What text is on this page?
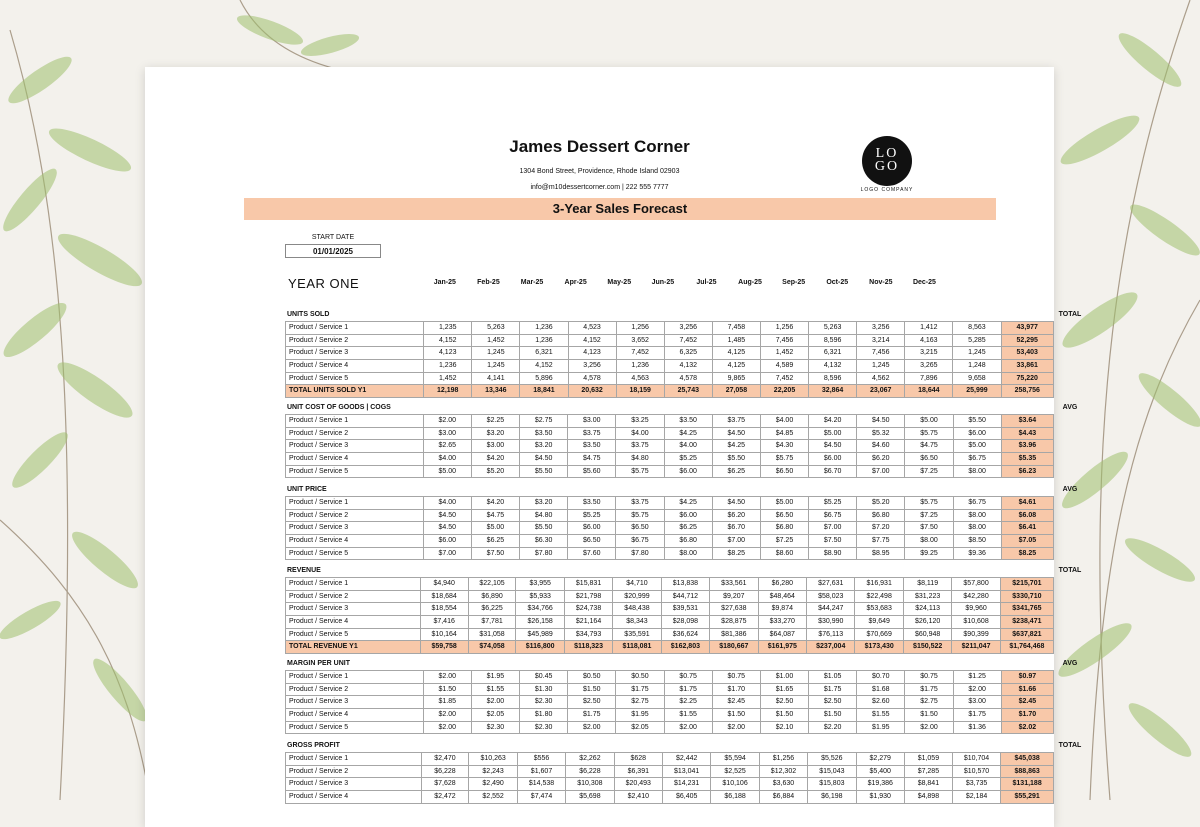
James Dessert Corner
1304 Bond Street, Providence, Rhode Island 02903
info@m10dessertcorner.com | 222 555 7777
LO
GO
LOGO COMPANY
3-Year Sales Forecast
START DATE
01/01/2025
YEAR ONE	Jan-25	Feb-25	Mar-25	Apr-25	May-25	Jun-25	Jul-25	Aug-25	Sep-25	Oct-25	Nov-25	Dec-25
UNITS SOLD	TOTAL
Product / Service 1	1,235	5,263	1,236	4,523	1,256	3,256	7,458	1,256	5,263	3,256	1,412	8,563	43,977
Product / Service 2	4,152	1,452	1,236	4,152	3,652	7,452	1,485	7,456	8,596	3,214	4,163	5,285	52,295
Product / Service 3	4,123	1,245	6,321	4,123	7,452	6,325	4,125	1,452	6,321	7,456	3,215	1,245	53,403
Product / Service 4	1,236	1,245	4,152	3,256	1,236	4,132	4,125	4,589	4,132	1,245	3,265	1,248	33,861
Product / Service 5	1,452	4,141	5,896	4,578	4,563	4,578	9,865	7,452	8,596	4,562	7,896	9,658	75,220
TOTAL UNITS SOLD Y1	12,198	13,346	18,841	20,632	18,159	25,743	27,058	22,205	32,864	23,067	18,644	25,999	258,756
UNIT COST OF GOODS | COGS	AVG
Product / Service 1	$2.00	$2.25	$2.75	$3.00	$3.25	$3.50	$3.75	$4.00	$4.20	$4.50	$5.00	$5.50	$3.64
Product / Service 2	$3.00	$3.20	$3.50	$3.75	$4.00	$4.25	$4.50	$4.85	$5.00	$5.32	$5.75	$6.00	$4.43
Product / Service 3	$2.65	$3.00	$3.20	$3.50	$3.75	$4.00	$4.25	$4.30	$4.50	$4.60	$4.75	$5.00	$3.96
Product / Service 4	$4.00	$4.20	$4.50	$4.75	$4.80	$5.25	$5.50	$5.75	$6.00	$6.20	$6.50	$6.75	$5.35
Product / Service 5	$5.00	$5.20	$5.50	$5.60	$5.75	$6.00	$6.25	$6.50	$6.70	$7.00	$7.25	$8.00	$6.23
UNIT PRICE	AVG
Product / Service 1	$4.00	$4.20	$3.20	$3.50	$3.75	$4.25	$4.50	$5.00	$5.25	$5.20	$5.75	$6.75	$4.61
Product / Service 2	$4.50	$4.75	$4.80	$5.25	$5.75	$6.00	$6.20	$6.50	$6.75	$6.80	$7.25	$8.00	$6.08
Product / Service 3	$4.50	$5.00	$5.50	$6.00	$6.50	$6.25	$6.70	$6.80	$7.00	$7.20	$7.50	$8.00	$6.41
Product / Service 4	$6.00	$6.25	$6.30	$6.50	$6.75	$6.80	$7.00	$7.25	$7.50	$7.75	$8.00	$8.50	$7.05
Product / Service 5	$7.00	$7.50	$7.80	$7.60	$7.80	$8.00	$8.25	$8.60	$8.90	$8.95	$9.25	$9.36	$8.25
REVENUE	TOTAL
Product / Service 1	$4,940	$22,105	$3,955	$15,831	$4,710	$13,838	$33,561	$6,280	$27,631	$16,931	$8,119	$57,800	$215,701
Product / Service 2	$18,684	$6,890	$5,933	$21,798	$20,999	$44,712	$9,207	$48,464	$58,023	$22,498	$31,223	$42,280	$330,710
Product / Service 3	$18,554	$6,225	$34,766	$24,738	$48,438	$39,531	$27,638	$9,874	$44,247	$53,683	$24,113	$9,960	$341,765
Product / Service 4	$7,416	$7,781	$26,158	$21,164	$8,343	$28,098	$28,875	$33,270	$30,990	$9,649	$26,120	$10,608	$238,471
Product / Service 5	$10,164	$31,058	$45,989	$34,793	$35,591	$36,624	$81,386	$64,087	$76,113	$70,669	$60,948	$90,399	$637,821
TOTAL REVENUE Y1	$59,758	$74,058	$116,800	$118,323	$118,081	$162,803	$180,667	$161,975	$237,004	$173,430	$150,522	$211,047	$1,764,468
MARGIN PER UNIT	AVG
Product / Service 1	$2.00	$1.95	$0.45	$0.50	$0.50	$0.75	$0.75	$1.00	$1.05	$0.70	$0.75	$1.25	$0.97
Product / Service 2	$1.50	$1.55	$1.30	$1.50	$1.75	$1.75	$1.70	$1.65	$1.75	$1.68	$1.75	$2.00	$1.66
Product / Service 3	$1.85	$2.00	$2.30	$2.50	$2.75	$2.25	$2.45	$2.50	$2.50	$2.60	$2.75	$3.00	$2.45
Product / Service 4	$2.00	$2.05	$1.80	$1.75	$1.95	$1.55	$1.50	$1.50	$1.50	$1.55	$1.50	$1.75	$1.70
Product / Service 5	$2.00	$2.30	$2.30	$2.00	$2.05	$2.00	$2.00	$2.10	$2.20	$1.95	$2.00	$1.36	$2.02
GROSS PROFIT	TOTAL
Product / Service 1	$2,470	$10,263	$556	$2,262	$628	$2,442	$5,594	$1,256	$5,526	$2,279	$1,059	$10,704	$45,038
Product / Service 2	$6,228	$2,243	$1,607	$6,228	$6,391	$13,041	$2,525	$12,302	$15,043	$5,400	$7,285	$10,570	$88,863
Product / Service 3	$7,628	$2,490	$14,538	$10,308	$20,493	$14,231	$10,106	$3,630	$15,803	$19,386	$8,841	$3,735	$131,188
Product / Service 4	$2,472	$2,552	$7,474	$5,698	$2,410	$6,405	$6,188	$6,884	$6,198	$1,930	$4,898	$2,184	$55,291
